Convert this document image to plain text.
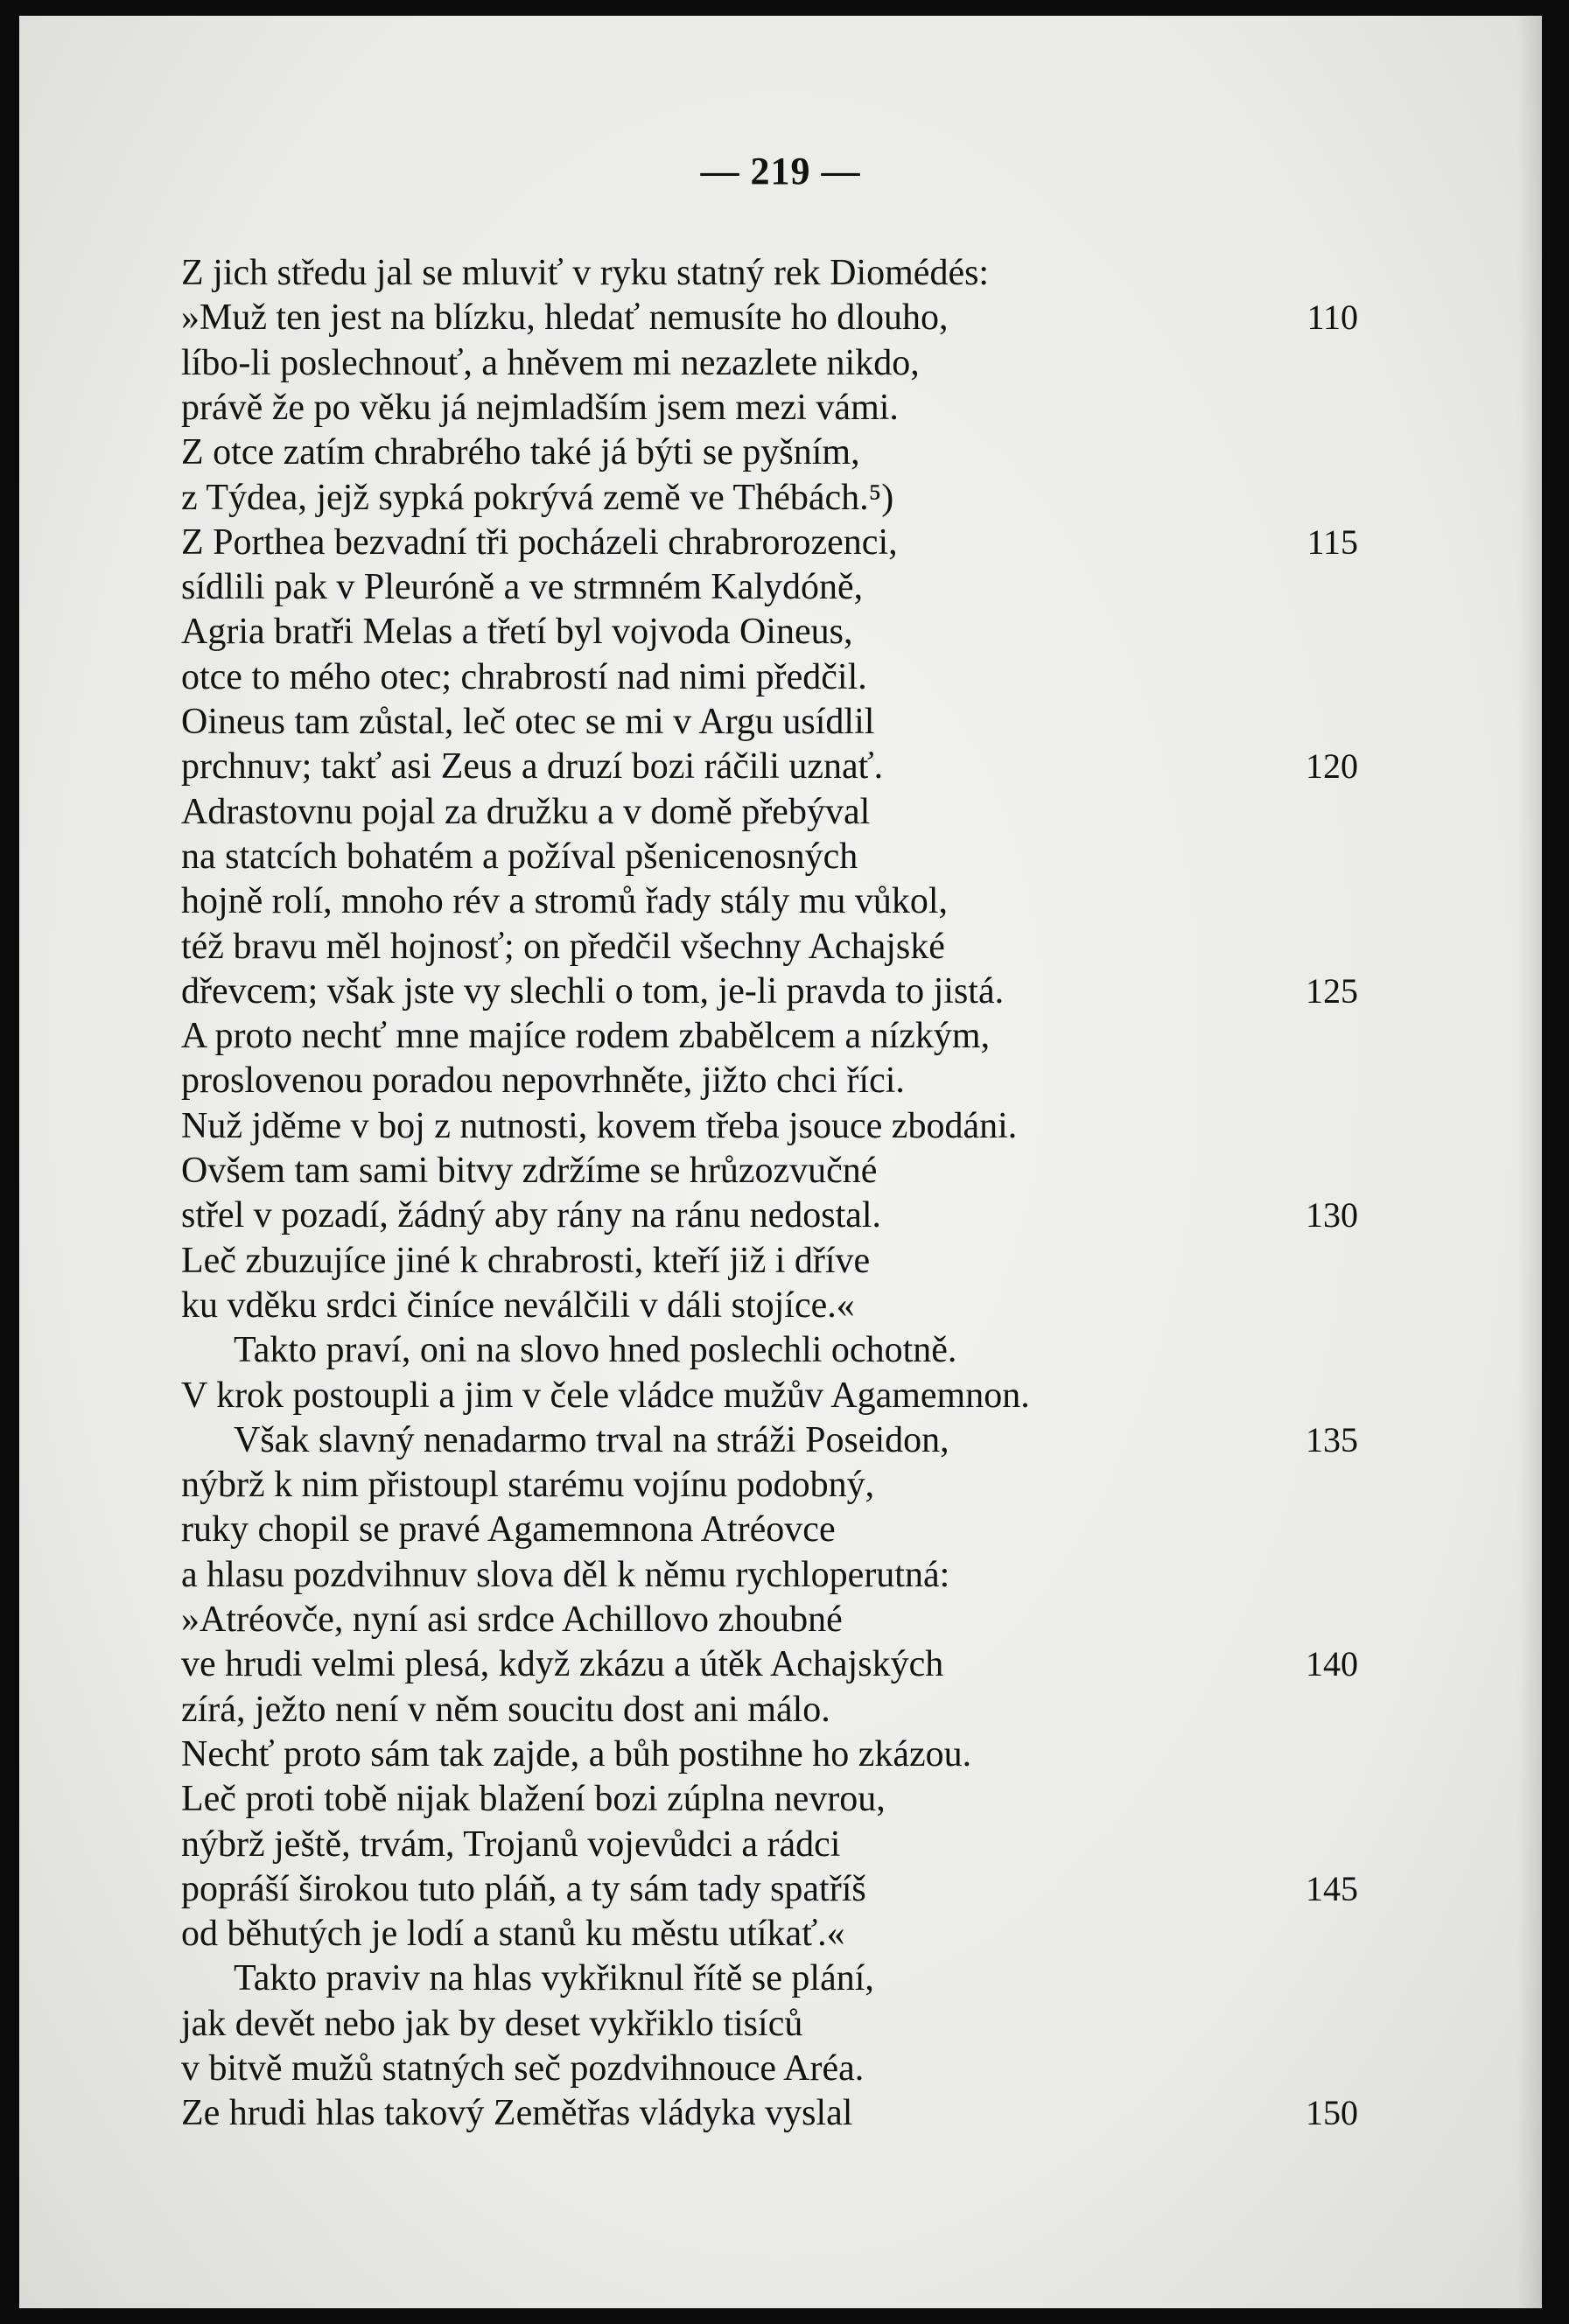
— 219 —
Z jich středu jal se mluviť v ryku statný rek Diomédés:
»Muž ten jest na blízku, hledať nemusíte ho dlouho,	110
líbo-li poslechnouť, a hněvem mi nezazlete nikdo,
právě že po věku já nejmladším jsem mezi vámi.
Z otce zatím chrabrého také já býti se pyšním,
z Týdea, jejž sypká pokrývá země ve Thébách.⁵)
Z Porthea bezvadní tři pocházeli chrabrorozenci,	115
sídlili pak v Pleuróně a ve strmném Kalydóně,
Agria bratři Melas a třetí byl vojvoda Oineus,
otce to mého otec; chrabrostí nad nimi předčil.
Oineus tam zůstal, leč otec se mi v Argu usídlil
prchnuv; takť asi Zeus a druzí bozi ráčili uznať.	120
Adrastovnu pojal za družku a v domě přebýval
na statcích bohatém a požíval pšenicenosných
hojně rolí, mnoho rév a stromů řady stály mu vůkol,
též bravu měl hojnosť; on předčil všechny Achajské
dřevcem; však jste vy slechli o tom, je-li pravda to jistá.	125
A proto nechť mne majíce rodem zbabělcem a nízkým,
proslovenou poradou nepovrhněte, jižto chci říci.
Nuž jděme v boj z nutnosti, kovem třeba jsouce zbodáni.
Ovšem tam sami bitvy zdržíme se hrůzozvučné
střel v pozadí, žádný aby rány na ránu nedostal.	130
Leč zbuzujíce jiné k chrabrosti, kteří již i dříve
ku vděku srdci činíce neválčili v dáli stojíce.«
Takto praví, oni na slovo hned poslechli ochotně.
V krok postoupli a jim v čele vládce mužův Agamemnon.
Však slavný nenadarmo trval na stráži Poseidon,	135
nýbrž k nim přistoupl starému vojínu podobný,
ruky chopil se pravé Agamemnona Atréovce
a hlasu pozdvihnuv slova děl k němu rychloperutná:
»Atréovče, nyní asi srdce Achillovo zhoubné
ve hrudi velmi plesá, když zkázu a útěk Achajských	140
zírá, ježto není v něm soucitu dost ani málo.
Nechť proto sám tak zajde, a bůh postihne ho zkázou.
Leč proti tobě nijak blažení bozi zúplna nevrou,
nýbrž ještě, trvám, Trojanů vojevůdci a rádci
popráší širokou tuto pláň, a ty sám tady spatříš	145
od běhutých je lodí a stanů ku městu utíkať.«
Takto praviv na hlas vykřiknul řítě se plání,
jak devět nebo jak by deset vykřiklo tisíců
v bitvě mužů statných seč pozdvihnouce Aréa.
Ze hrudi hlas takový Zemětřas vládyka vyslal	150
